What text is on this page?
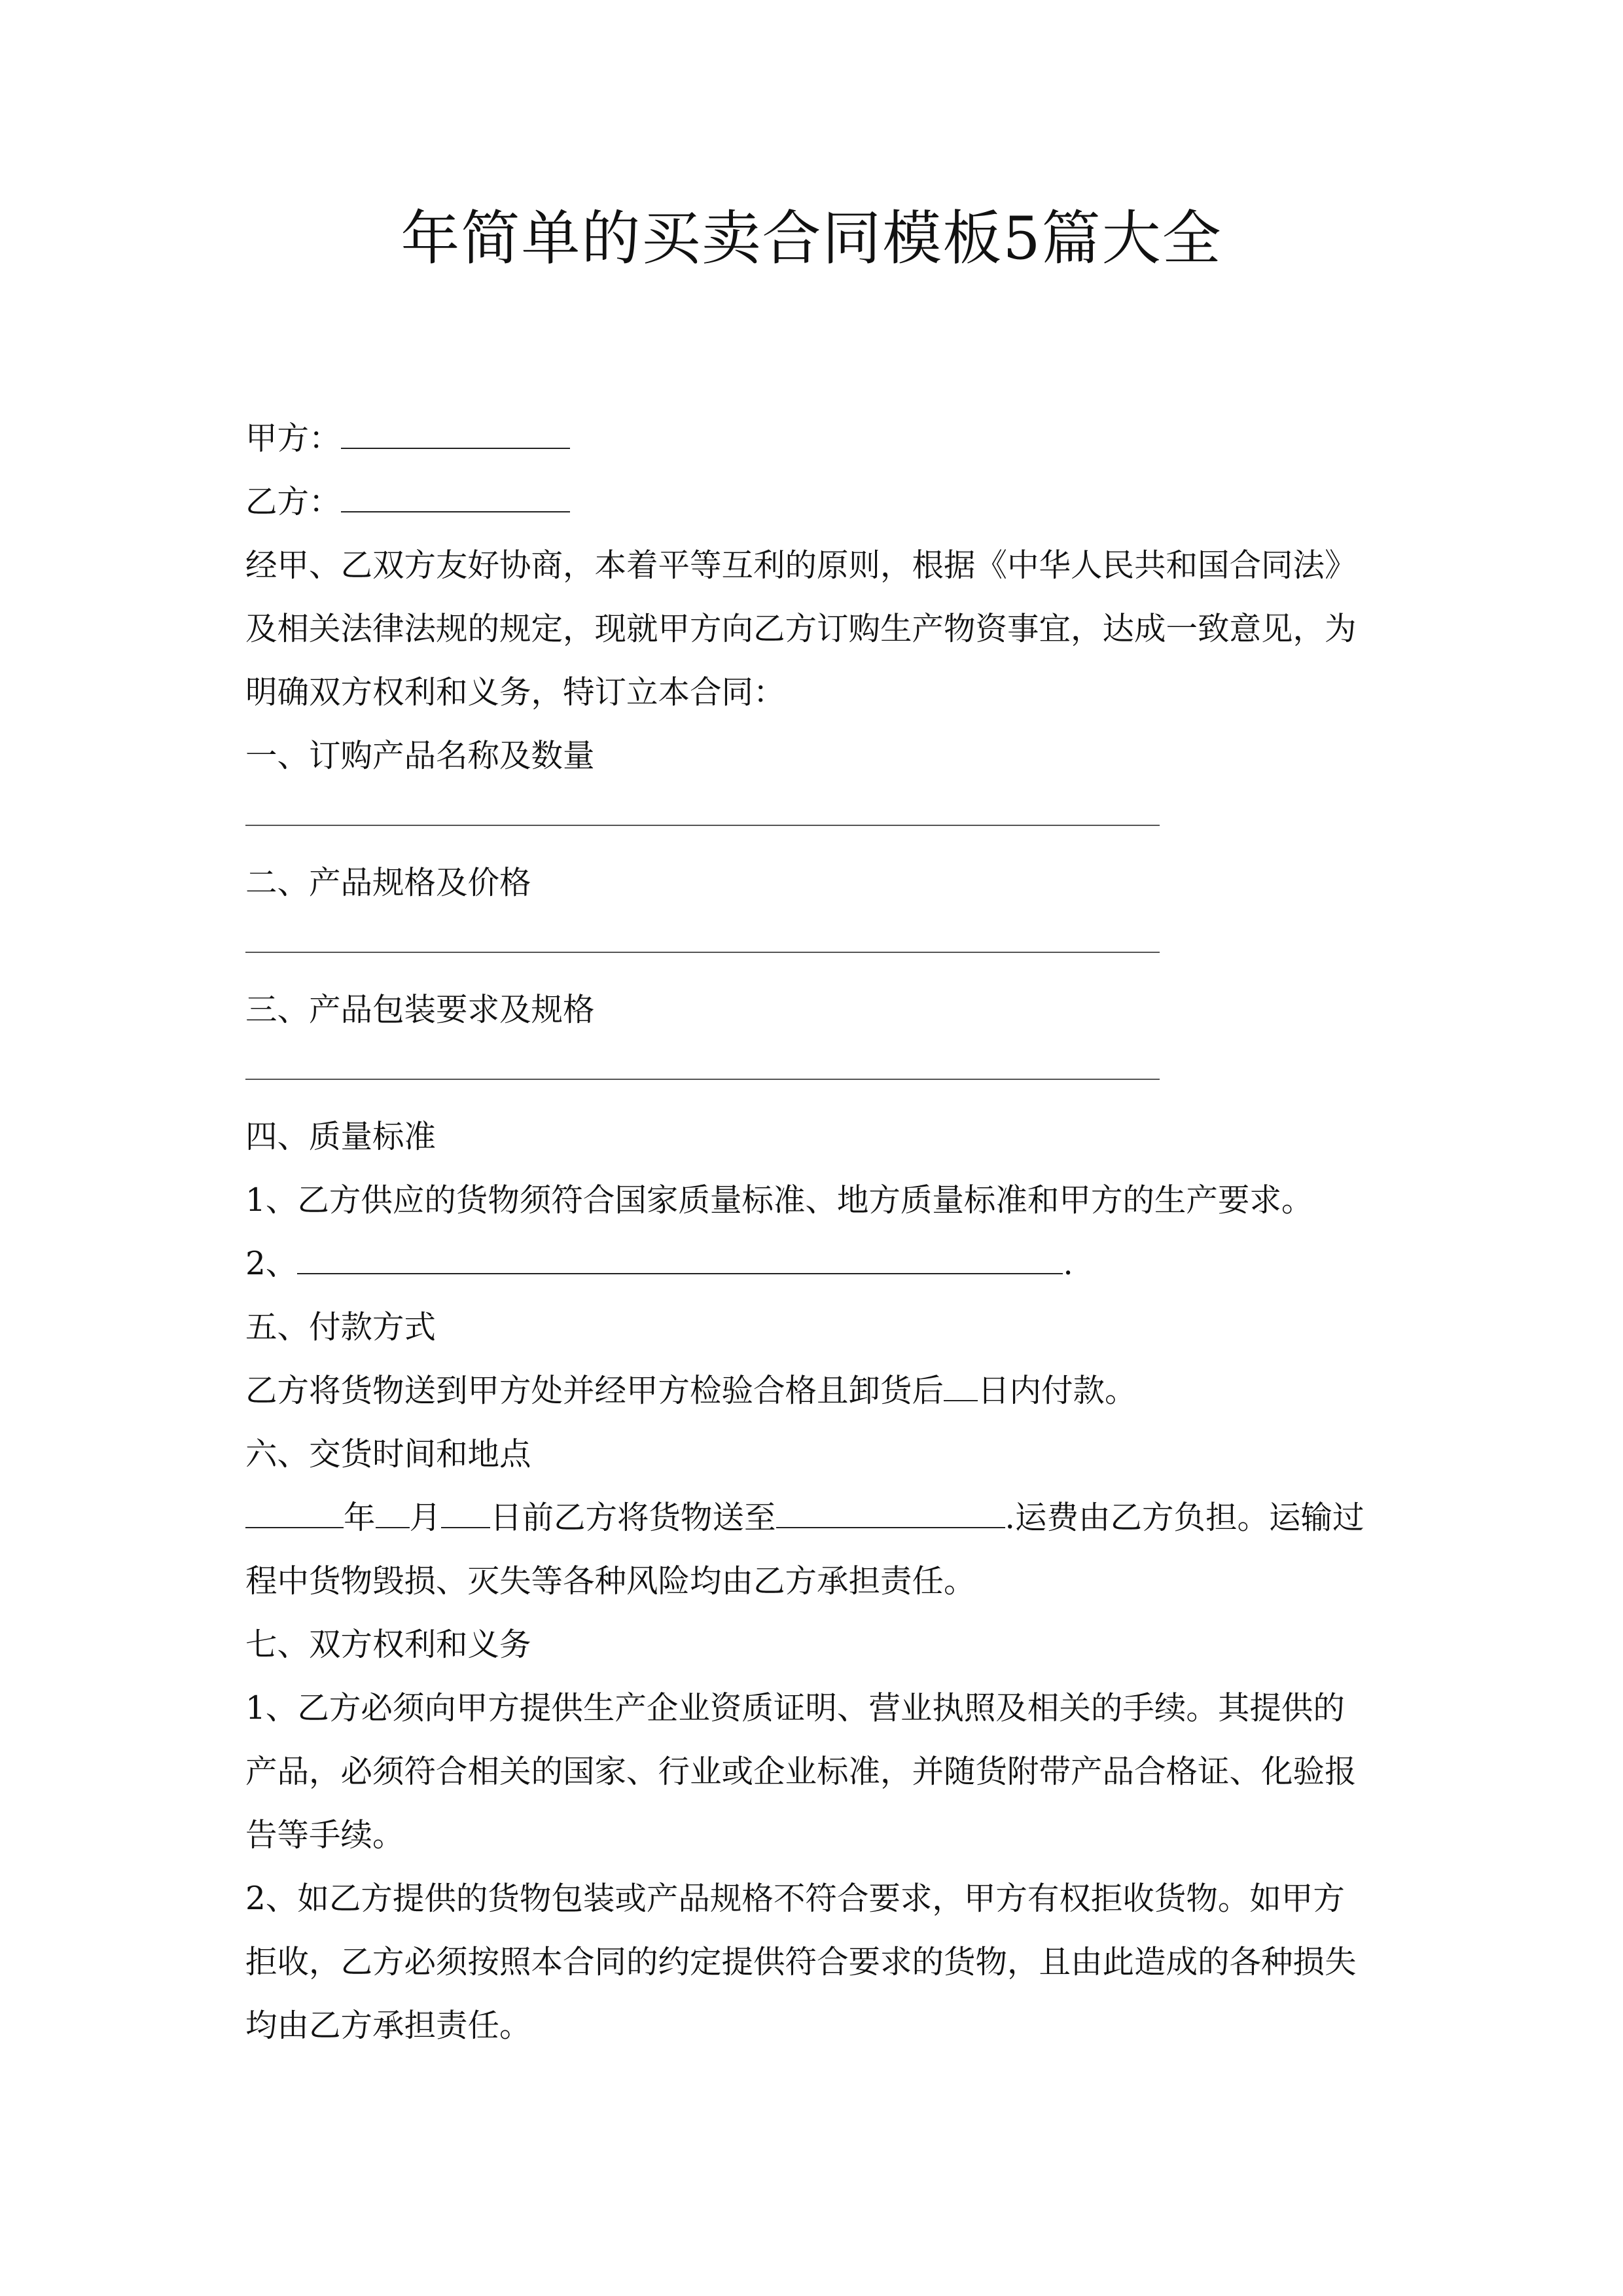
年简单的买卖合同模板5篇大全
甲方：
乙方：
经甲、乙双方友好协商，本着平等互利的原则，根据《中华人民共和国合同法》
及相关法律法规的规定，现就甲方向乙方订购生产物资事宜，达成一致意见，为
明确双方权利和义务，特订立本合同：
一、订购产品名称及数量
二、产品规格及价格
三、产品包装要求及规格
四、质量标准
1、乙方供应的货物须符合国家质量标准、地方质量标准和甲方的生产要求。
2、	.
五、付款方式
乙方将货物送到甲方处并经甲方检验合格且卸货后 日内付款。
六、交货时间和地点
年 月 日前乙方将货物送至	.运费由乙方负担。运输过
程中货物毁损、灭失等各种风险均由乙方承担责任。
七、双方权利和义务
1、乙方必须向甲方提供生产企业资质证明、营业执照及相关的手续。其提供的
产品，必须符合相关的国家、行业或企业标准，并随货附带产品合格证、化验报
告等手续。
2、如乙方提供的货物包装或产品规格不符合要求，甲方有权拒收货物。如甲方
拒收，乙方必须按照本合同的约定提供符合要求的货物，且由此造成的各种损失
均由乙方承担责任。
